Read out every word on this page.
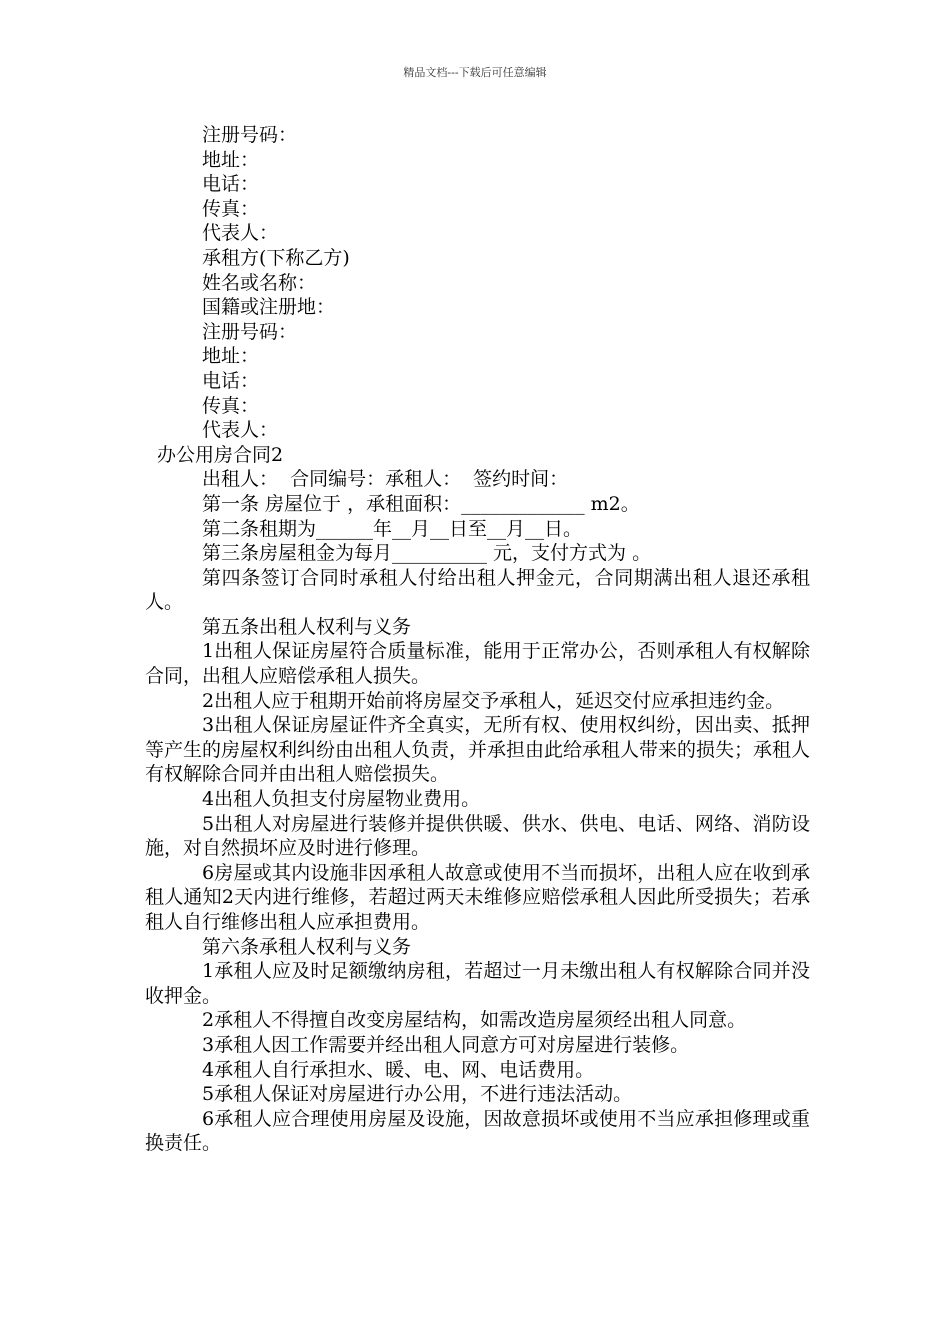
精品文档---下载后可任意编辑

注册号码：

地址：

电话：

传真：

代表人：

承租方(下称乙方)

姓名或名称：

国籍或注册地：

注册号码：

地址：

电话：

传真：

代表人：

办公用房合同2

出租人：  合同编号：承租人：  签约时间：

第一条 房屋位于 ，承租面积：_____________ m2。

第二条租期为______年__月__日至__月__日。

第三条房屋租金为每月__________ 元，支付方式为 。

第四条签订合同时承租人付给出租人押金元，合同期满出租人退还承租人。

第五条出租人权利与义务

1出租人保证房屋符合质量标准，能用于正常办公，否则承租人有权解除合同，出租人应赔偿承租人损失。

2出租人应于租期开始前将房屋交予承租人，延迟交付应承担违约金。

3出租人保证房屋证件齐全真实，无所有权、使用权纠纷，因出卖、抵押等产生的房屋权利纠纷由出租人负责，并承担由此给承租人带来的损失；承租人有权解除合同并由出租人赔偿损失。

4出租人负担支付房屋物业费用。

5出租人对房屋进行装修并提供供暖、供水、供电、电话、网络、消防设施，对自然损坏应及时进行修理。

6房屋或其内设施非因承租人故意或使用不当而损坏，出租人应在收到承租人通知2天内进行维修，若超过两天未维修应赔偿承租人因此所受损失；若承租人自行维修出租人应承担费用。

第六条承租人权利与义务

1承租人应及时足额缴纳房租，若超过一月未缴出租人有权解除合同并没收押金。

2承租人不得擅自改变房屋结构，如需改造房屋须经出租人同意。

3承租人因工作需要并经出租人同意方可对房屋进行装修。

4承租人自行承担水、暖、电、网、电话费用。

5承租人保证对房屋进行办公用，不进行违法活动。

6承租人应合理使用房屋及设施，因故意损坏或使用不当应承担修理或重换责任。
